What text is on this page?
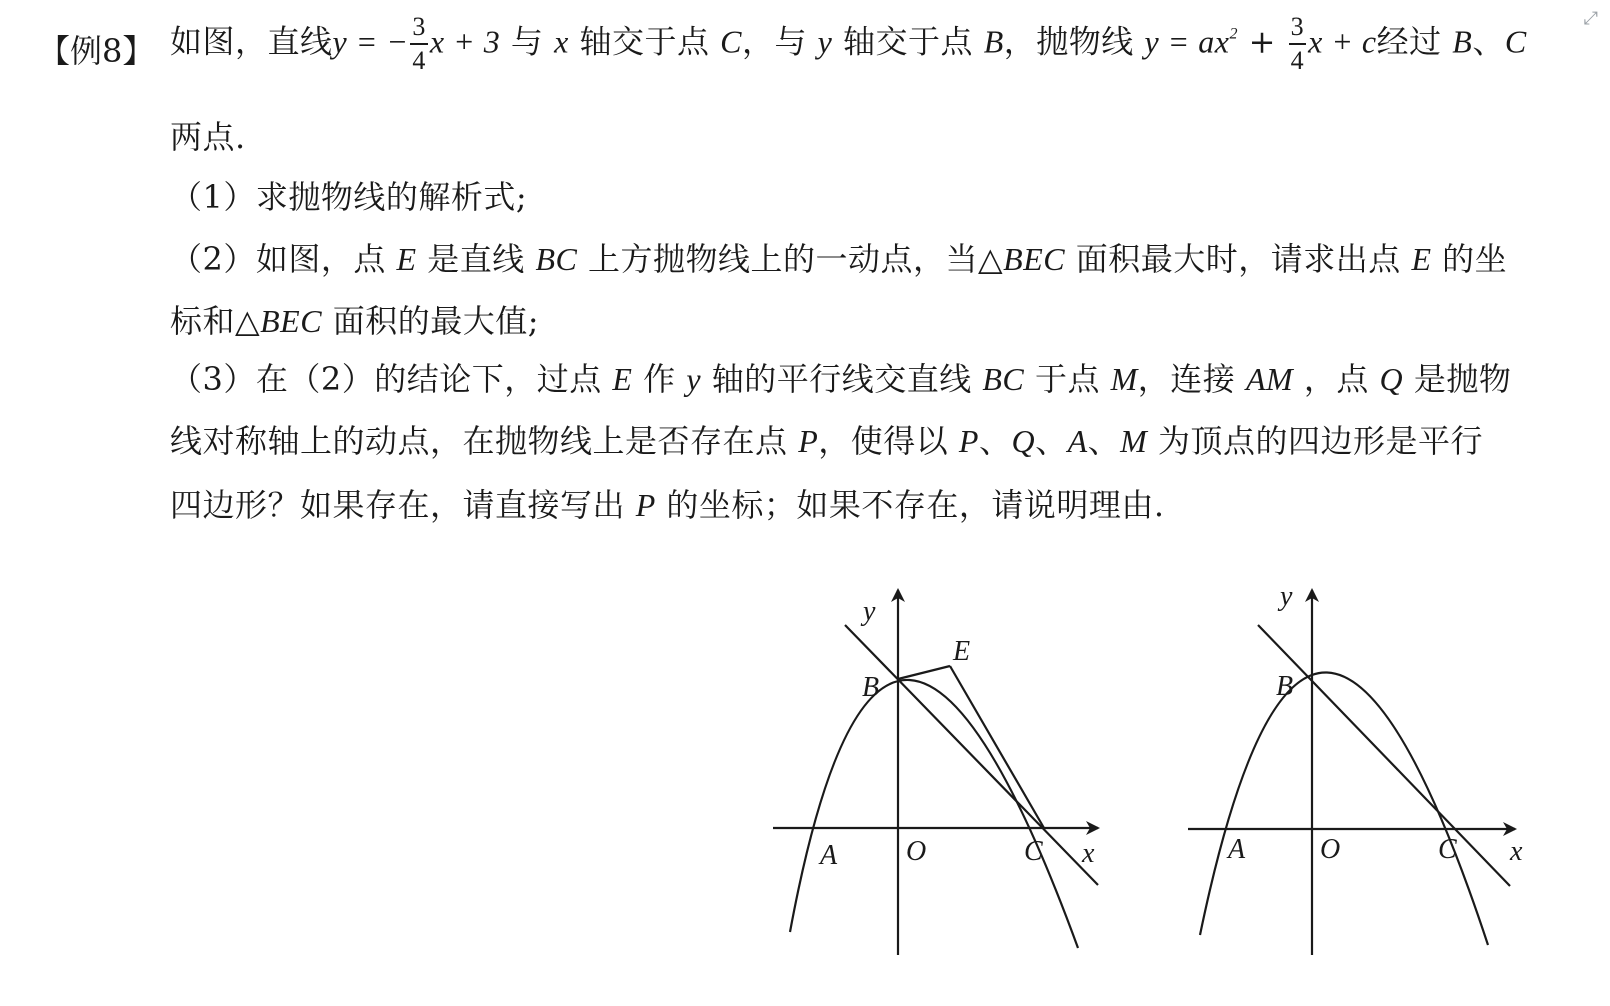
⤢
【例8】 如图，直线y = − $\frac{3}{4}$ x + 3 与 x 轴交于点 C，与 y 轴交于点 B，抛物线 $y = ax^2 + \frac{3}{4}$ x + c经过 B、C
两点.
（1）求抛物线的解析式;
（2）如图，点 E 是直线 BC 上方抛物线上的一动点，当△BEC 面积最大时，请求出点 E 的坐
标和△BEC 面积的最大值;
（3）在（2）的结论下，过点 E 作 y 轴的平行线交直线 BC 于点 M，连接 AM ，点 Q 是抛物
线对称轴上的动点，在抛物线上是否存在点 P，使得以 P、Q、A、M 为顶点的四边形是平行
四边形？如果存在，请直接写出 P 的坐标；如果不存在，请说明理由.
y
x
B
E
A O	C
y
x
B
A	O	C
